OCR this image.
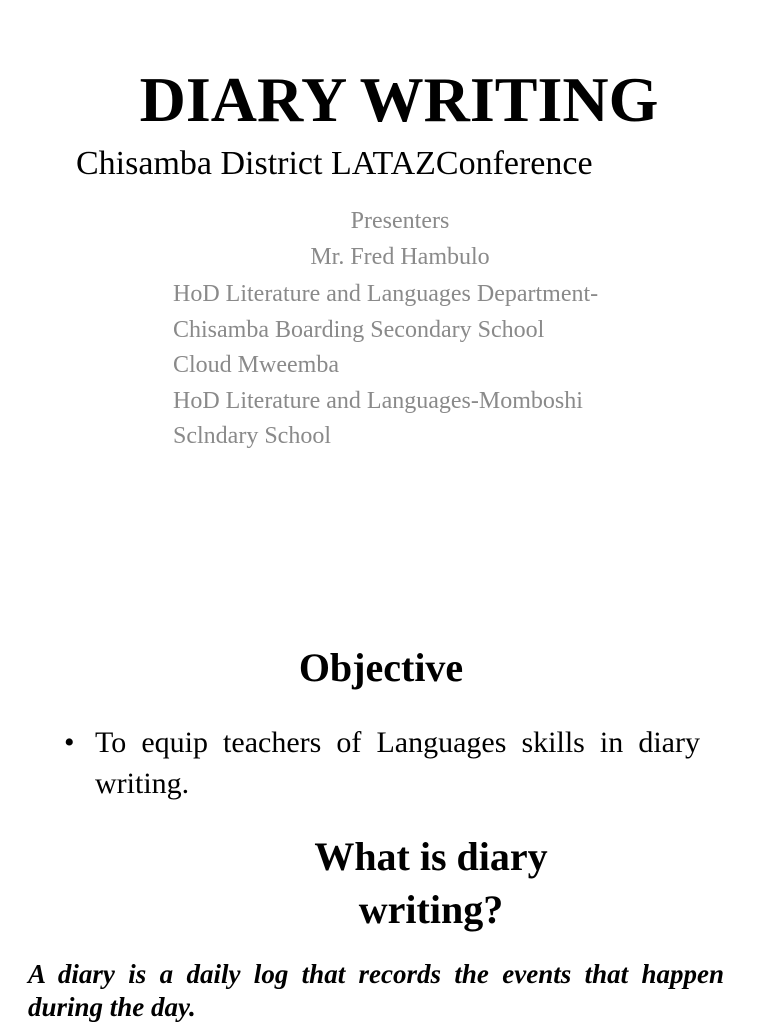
DIARY WRITING
Chisamba District LATAZConference
Presenters
Mr. Fred Hambulo
HoD Literature and Languages Department-
Chisamba Boarding Secondary School
Cloud Mweemba
HoD Literature and Languages-Momboshi
Sclndary School
Objective
• To equip teachers of Languages skills in diary writing.
What is diary writing?

A diary is a daily log that records the events that happen during the day.
